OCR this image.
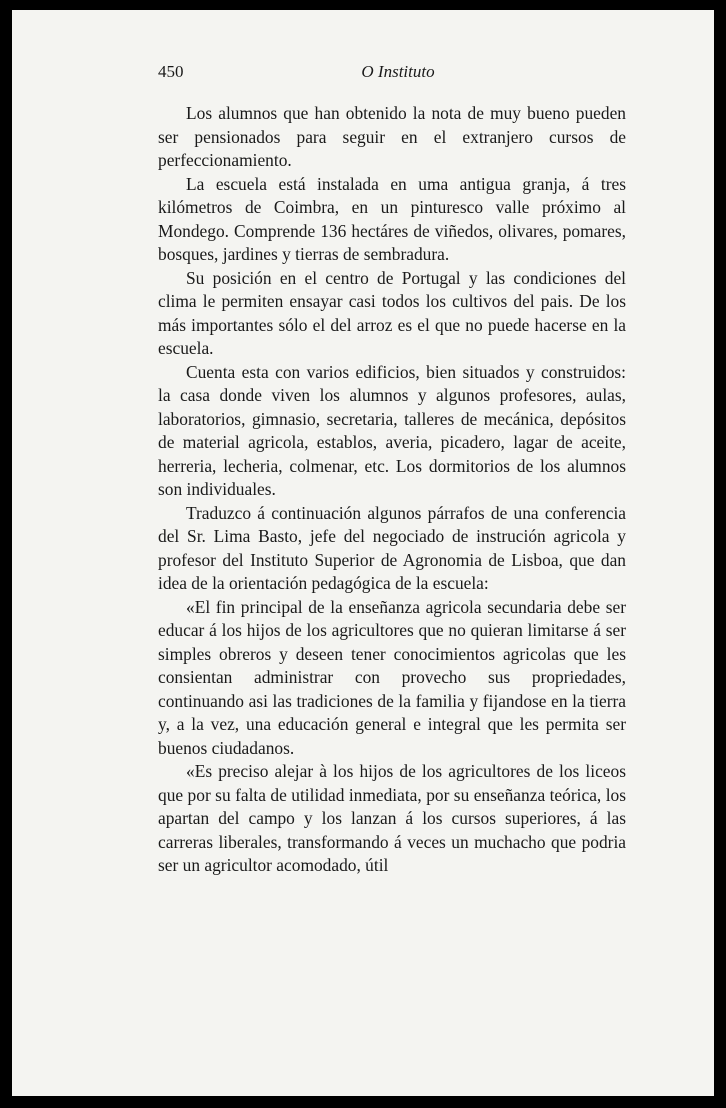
450	O Instituto

Los alumnos que han obtenido la nota de muy bueno pueden ser pensionados para seguir en el extranjero cursos de perfeccionamiento.

La escuela está instalada en uma antigua granja, á tres kilómetros de Coimbra, en un pinturesco valle próximo al Mondego. Comprende 136 hectáres de viñedos, olivares, pomares, bosques, jardines y tierras de sembradura.

Su posición en el centro de Portugal y las condiciones del clima le permiten ensayar casi todos los cultivos del pais. De los más importantes sólo el del arroz es el que no puede hacerse en la escuela.

Cuenta esta con varios edificios, bien situados y construidos: la casa donde viven los alumnos y algunos profesores, aulas, laboratorios, gimnasio, secretaria, talleres de mecánica, depósitos de material agricola, establos, averia, picadero, lagar de aceite, herreria, lecheria, colmenar, etc. Los dormitorios de los alumnos son individuales.

Traduzco á continuación algunos párrafos de una conferencia del Sr. Lima Basto, jefe del negociado de instrución agricola y profesor del Instituto Superior de Agronomia de Lisboa, que dan idea de la orientación pedagógica de la escuela:

«El fin principal de la enseñanza agricola secundaria debe ser educar á los hijos de los agricultores que no quieran limitarse á ser simples obreros y deseen tener conocimientos agricolas que les consientan administrar con provecho sus propriedades, continuando asi las tradiciones de la familia y fijandose en la tierra y, a la vez, una educación general e integral que les permita ser buenos ciudadanos.

«Es preciso alejar à los hijos de los agricultores de los liceos que por su falta de utilidad inmediata, por su enseñanza teórica, los apartan del campo y los lanzan á los cursos superiores, á las carreras liberales, transformando á veces un muchacho que podria ser un agricultor acomodado, útil
